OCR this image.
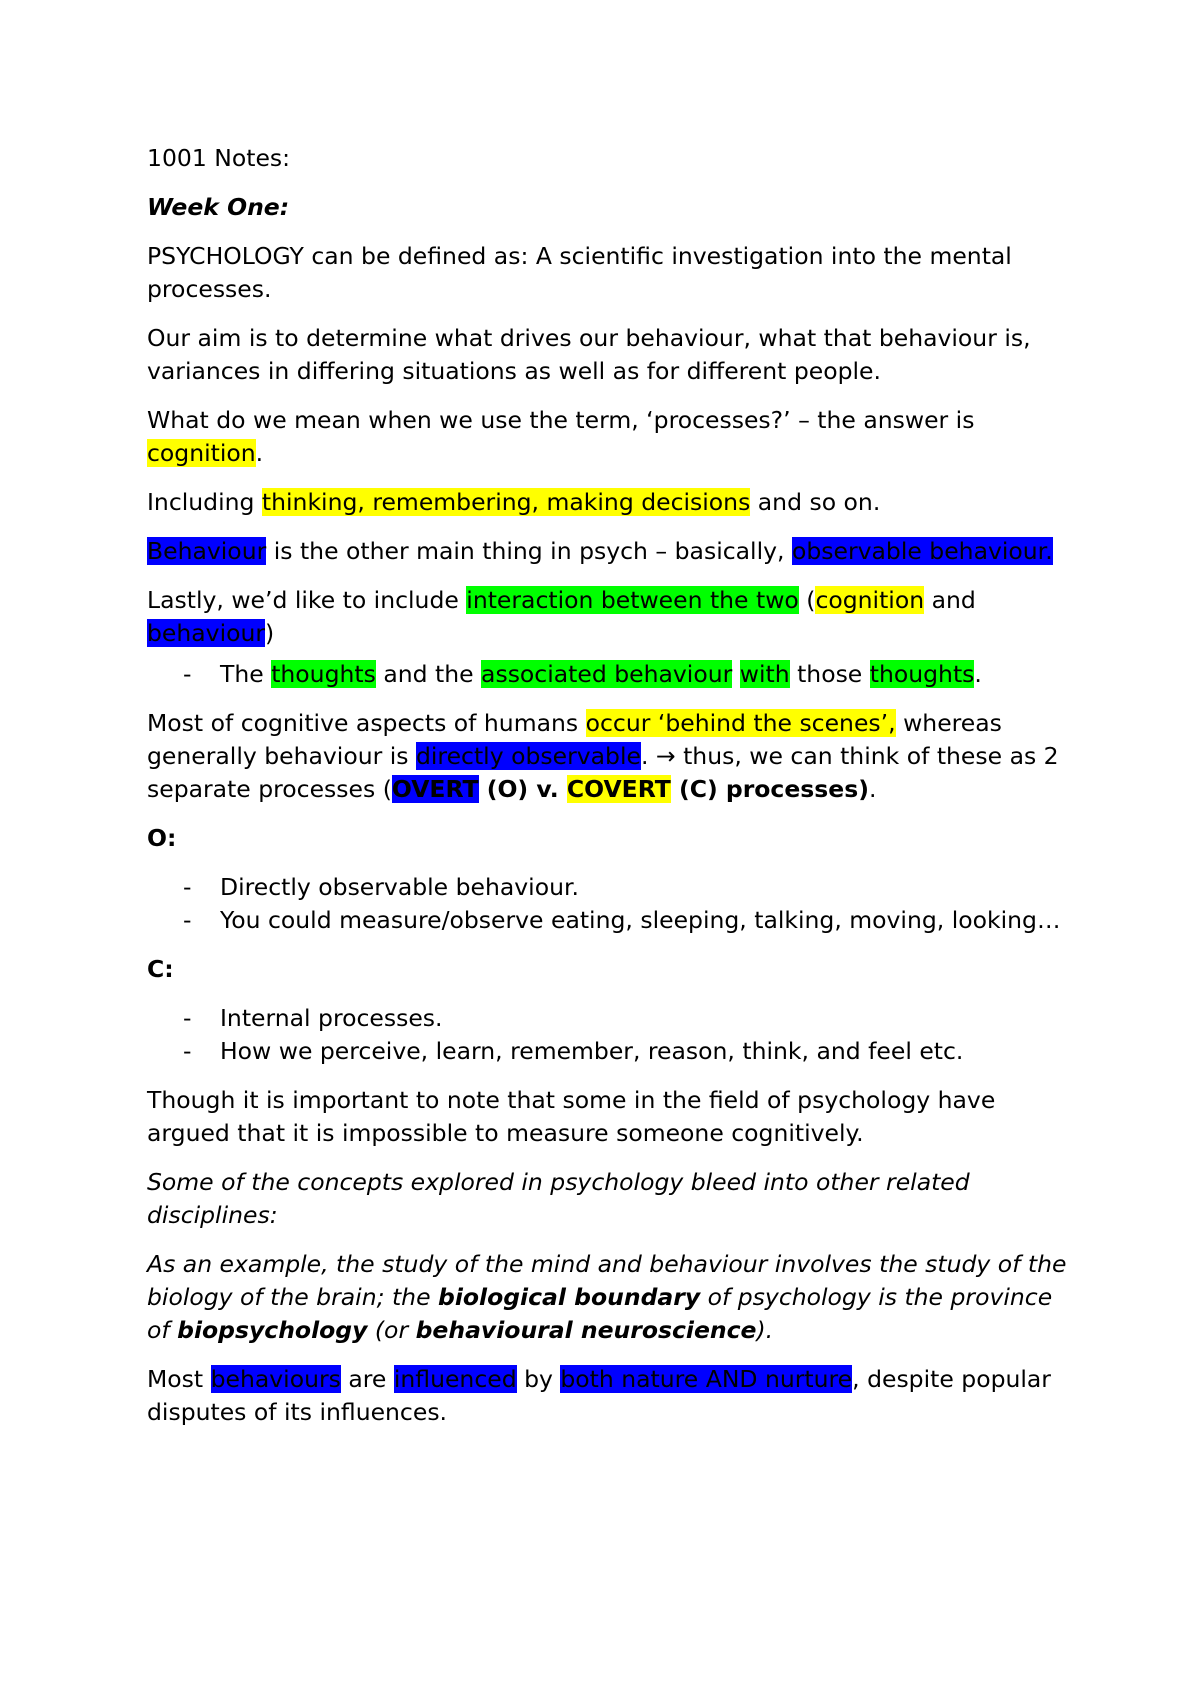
1001 Notes:

Week One:

PSYCHOLOGY can be defined as: A scientific investigation into the mental processes.

Our aim is to determine what drives our behaviour, what that behaviour is, variances in differing situations as well as for different people.

What do we mean when we use the term, ‘processes?’ – the answer is cognition.

Including thinking, remembering, making decisions and so on.

Behaviour is the other main thing in psych – basically, observable behaviour.

Lastly, we’d like to include interaction between the two (cognition and behaviour)

- The thoughts and the associated behaviour with those thoughts.

Most of cognitive aspects of humans occur ‘behind the scenes’, whereas generally behaviour is directly observable. → thus, we can think of these as 2 separate processes (OVERT (O) v. COVERT (C) processes).

O:

- Directly observable behaviour.
- You could measure/observe eating, sleeping, talking, moving, looking…

C:

- Internal processes.
- How we perceive, learn, remember, reason, think, and feel etc.

Though it is important to note that some in the field of psychology have argued that it is impossible to measure someone cognitively.

Some of the concepts explored in psychology bleed into other related disciplines:

As an example, the study of the mind and behaviour involves the study of the biology of the brain; the biological boundary of psychology is the province of biopsychology (or behavioural neuroscience).

Most behaviours are influenced by both nature AND nurture, despite popular disputes of its influences.
